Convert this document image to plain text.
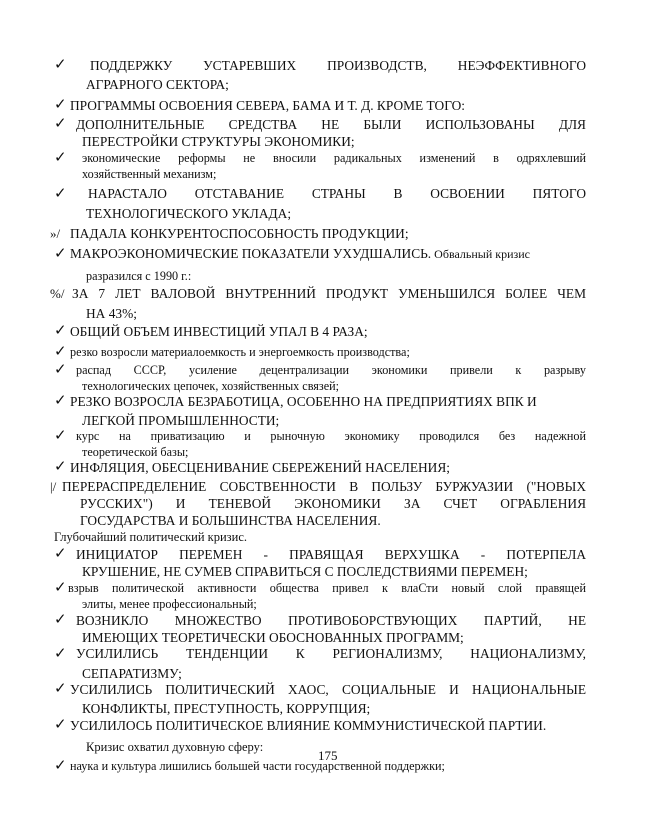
✓	ПОДДЕРЖКУ УСТАРЕВШИХ ПРОИЗВОДСТВ, НЕЭФФЕКТИВНОГО
АГРАРНОГО СЕКТОРА;
✓ ПРОГРАММЫ ОСВОЕНИЯ СЕВЕРА, БАМА И Т. Д. КРОМЕ ТОГО:
✓ ДОПОЛНИТЕЛЬНЫЕ СРЕДСТВА НЕ БЫЛИ ИСПОЛЬЗОВАНЫ ДЛЯ
ПЕРЕСТРОЙКИ СТРУКТУРЫ ЭКОНОМИКИ;
✓	экономические реформы не вносили радикальных изменений в одряхлевший
хозяйственный механизм;
✓	НАРАСТАЛО ОТСТАВАНИЕ СТРАНЫ В ОСВОЕНИИ ПЯТОГО
ТЕХНОЛОГИЧЕСКОГО УКЛАДА;
»/ ПАДАЛА КОНКУРЕНТОСПОСОБНОСТЬ ПРОДУКЦИИ;
✓ МАКРОЭКОНОМИЧЕСКИЕ ПОКАЗАТЕЛИ УХУДШАЛИСЬ. Обвальный кризис
разразился с 1990 г.:
%/ ЗА 7 ЛЕТ ВАЛОВОЙ ВНУТРЕННИЙ ПРОДУКТ УМЕНЬШИЛСЯ БОЛЕЕ ЧЕМ
НА 43%;
✓ ОБЩИЙ ОБЪЕМ ИНВЕСТИЦИЙ УПАЛ В 4 РАЗА;
✓ резко возросли материалоемкость и энергоемкость производства;
✓ распад СССР, усиление децентрализации экономики привели к разрыву
технологических цепочек, хозяйственных связей;
✓ РЕЗКО ВОЗРОСЛА БЕЗРАБОТИЦА, ОСОБЕННО НА ПРЕДПРИЯТИЯХ ВПК И
ЛЕГКОЙ ПРОМЫШЛЕННОСТИ;
✓ курс на приватизацию и рыночную экономику проводился без надежной
теоретической базы;
✓ ИНФЛЯЦИЯ, ОБЕСЦЕНИВАНИЕ СБЕРЕЖЕНИЙ НАСЕЛЕНИЯ;
|/ ПЕРЕРАСПРЕДЕЛЕНИЕ СОБСТВЕННОСТИ В ПОЛЬЗУ БУРЖУАЗИИ ("НОВЫХ
РУССКИХ") И ТЕНЕВОЙ ЭКОНОМИКИ ЗА СЧЕТ ОГРАБЛЕНИЯ
ГОСУДАРСТВА И БОЛЬШИНСТВА НАСЕЛЕНИЯ.
Глубочайший политический кризис.
✓ ИНИЦИАТОР ПЕРЕМЕН - ПРАВЯЩАЯ ВЕРХУШКА - ПОТЕРПЕЛА
КРУШЕНИЕ, НЕ СУМЕВ СПРАВИТЬСЯ С ПОСЛЕДСТВИЯМИ ПЕРЕМЕН;
✓ взрыв политической активности общества привел к влаСти новый слой правящей
элиты, менее профессиональный;
✓ ВОЗНИКЛО МНОЖЕСТВО ПРОТИВОБОРСТВУЮЩИХ ПАРТИЙ, НЕ
ИМЕЮЩИХ ТЕОРЕТИЧЕСКИ ОБОСНОВАННЫХ ПРОГРАММ;
✓ УСИЛИЛИСЬ ТЕНДЕНЦИИ К РЕГИОНАЛИЗМУ, НАЦИОНАЛИЗМУ,
СЕПАРАТИЗМУ;
✓ УСИЛИЛИСЬ ПОЛИТИЧЕСКИЙ ХАОС, СОЦИАЛЬНЫЕ И НАЦИОНАЛЬНЫЕ
КОНФЛИКТЫ, ПРЕСТУПНОСТЬ, КОРРУПЦИЯ;
✓ УСИЛИЛОСЬ ПОЛИТИЧЕСКОЕ ВЛИЯНИЕ КОММУНИСТИЧЕСКОЙ ПАРТИИ.
Кризис охватил духовную сферу:
175
✓ наука и культура лишились большей части государственной поддержки;
